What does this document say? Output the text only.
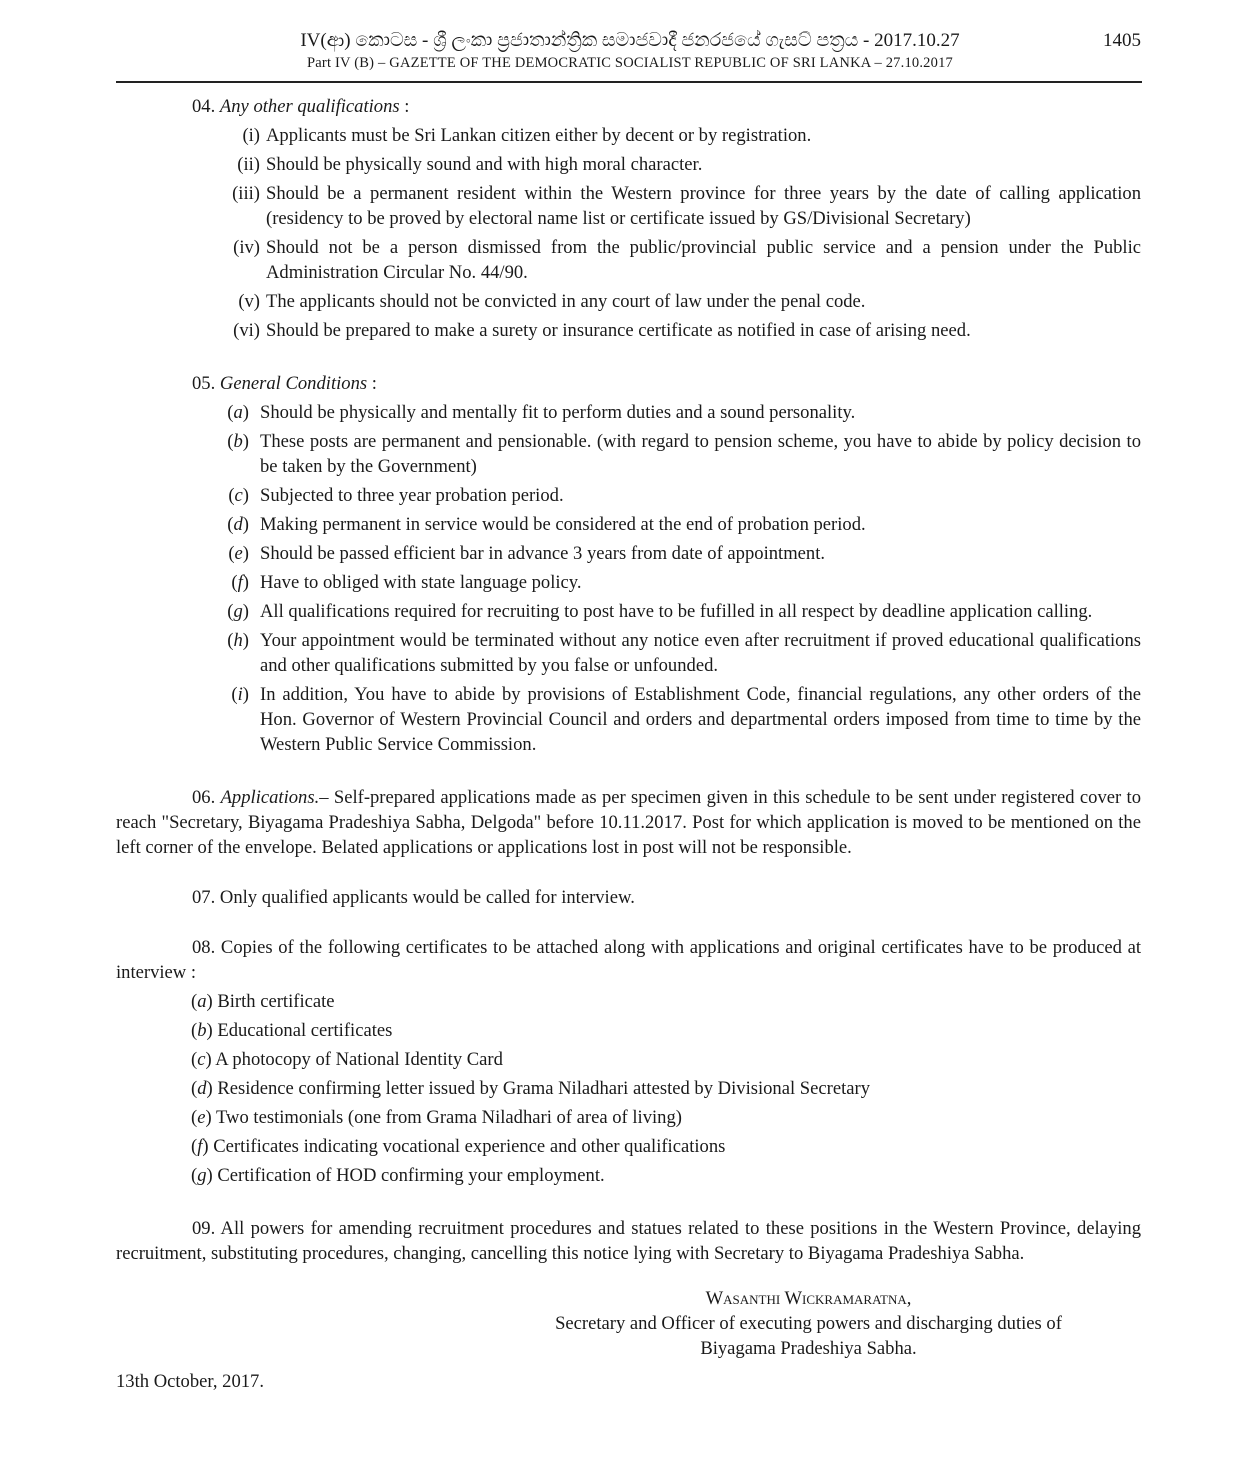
IV(ආ) කොටස - ශ්‍රී ලංකා ප්‍රජාතාන්ත්‍රික සමාජවාදී ජනරජයේ ගැසට් පත්‍රය - 2017.10.27
Part IV (B) – GAZETTE OF THE DEMOCRATIC SOCIALIST REPUBLIC OF SRI LANKA – 27.10.2017
1405
04. Any other qualifications :
(i) Applicants must be Sri Lankan citizen either by decent or by registration.
(ii) Should be physically sound and with high moral character.
(iii) Should be a permanent resident within the Western province for three years by the date of calling application (residency to be proved by electoral name list or certificate issued by GS/Divisional Secretary)
(iv) Should not be a person dismissed from the public/provincial public service and a pension under the Public Administration Circular No. 44/90.
(v) The applicants should not be convicted in any court of law under the penal code.
(vi) Should be prepared to make a surety or insurance certificate as notified in case of arising need.
05. General Conditions :
(a) Should be physically and mentally fit to perform duties and a sound personality.
(b) These posts are permanent and pensionable. (with regard to pension scheme, you have to abide by policy decision to be taken by the Government)
(c) Subjected to three year probation period.
(d) Making permanent in service would be considered at the end of probation period.
(e) Should be passed efficient bar in advance 3 years from date of appointment.
(f) Have to obliged with state language policy.
(g) All qualifications required for recruiting to post have to be fufilled in all respect by deadline application calling.
(h) Your appointment would be terminated without any notice even after recruitment if proved educational qualifications and other qualifications submitted by you false or unfounded.
(i) In addition, You have to abide by provisions of Establishment Code, financial regulations, any other orders of the Hon. Governor of Western Provincial Council and orders and departmental orders imposed from time to time by the Western Public Service Commission.
06. Applications.– Self-prepared applications made as per specimen given in this schedule to be sent under registered cover to reach "Secretary, Biyagama Pradeshiya Sabha, Delgoda" before 10.11.2017. Post for which application is moved to be mentioned on the left corner of the envelope. Belated applications or applications lost in post will not be responsible.
07. Only qualified applicants would be called for interview.
08. Copies of the following certificates to be attached along with applications and original certificates have to be produced at interview :
(a) Birth certificate
(b) Educational certificates
(c) A photocopy of National Identity Card
(d) Residence confirming letter issued by Grama Niladhari attested by Divisional Secretary
(e) Two testimonials (one from Grama Niladhari of area of living)
(f) Certificates indicating vocational experience and other qualifications
(g) Certification of HOD confirming your employment.
09. All powers for amending recruitment procedures and statues related to these positions in the Western Province, delaying recruitment, substituting procedures, changing, cancelling this notice lying with Secretary to Biyagama Pradeshiya Sabha.
Wasanthi Wickramaratna,
Secretary and Officer of executing powers and discharging duties of
Biyagama Pradeshiya Sabha.
13th October, 2017.
